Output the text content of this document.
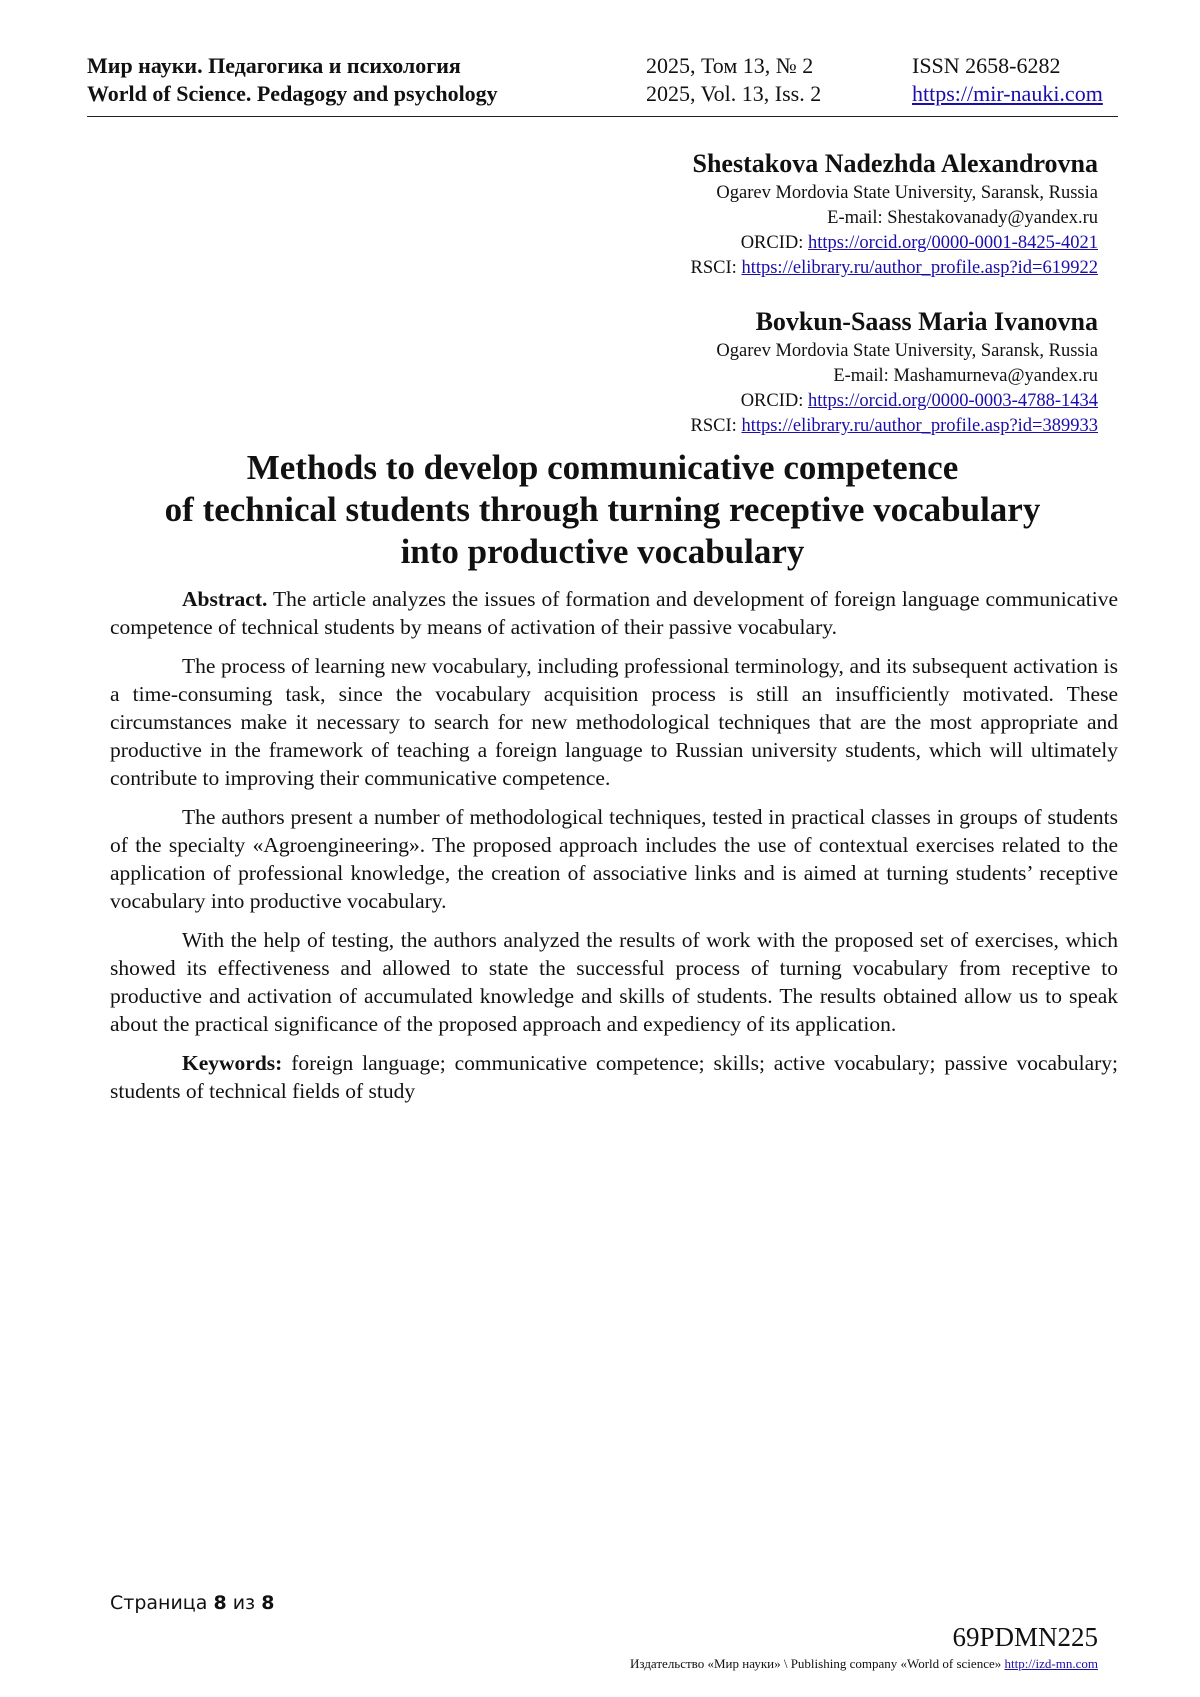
Мир науки. Педагогика и психология	2025, Том 13, № 2	ISSN 2658-6282
World of Science. Pedagogy and psychology	2025, Vol. 13, Iss. 2	https://mir-nauki.com
Shestakova Nadezhda Alexandrovna
Ogarev Mordovia State University, Saransk, Russia
E-mail: Shestakovanady@yandex.ru
ORCID: https://orcid.org/0000-0001-8425-4021
RSCI: https://elibrary.ru/author_profile.asp?id=619922
Bovkun-Saass Maria Ivanovna
Ogarev Mordovia State University, Saransk, Russia
E-mail: Mashamurneva@yandex.ru
ORCID: https://orcid.org/0000-0003-4788-1434
RSCI: https://elibrary.ru/author_profile.asp?id=389933
Methods to develop communicative competence
of technical students through turning receptive vocabulary
into productive vocabulary

Abstract. The article analyzes the issues of formation and development of foreign language communicative competence of technical students by means of activation of their passive vocabulary.

The process of learning new vocabulary, including professional terminology, and its subsequent activation is a time-consuming task, since the vocabulary acquisition process is still an insufficiently motivated. These circumstances make it necessary to search for new methodological techniques that are the most appropriate and productive in the framework of teaching a foreign language to Russian university students, which will ultimately contribute to improving their communicative competence.

The authors present a number of methodological techniques, tested in practical classes in groups of students of the specialty «Agroengineering». The proposed approach includes the use of contextual exercises related to the application of professional knowledge, the creation of associative links and is aimed at turning students’ receptive vocabulary into productive vocabulary.

With the help of testing, the authors analyzed the results of work with the proposed set of exercises, which showed its effectiveness and allowed to state the successful process of turning vocabulary from receptive to productive and activation of accumulated knowledge and skills of students. The results obtained allow us to speak about the practical significance of the proposed approach and expediency of its application.

Keywords: foreign language; communicative competence; skills; active vocabulary; passive vocabulary; students of technical fields of study

Страница 8 из 8
69PDMN225
Издательство «Мир науки» \ Publishing company «World of science» http://izd-mn.com
